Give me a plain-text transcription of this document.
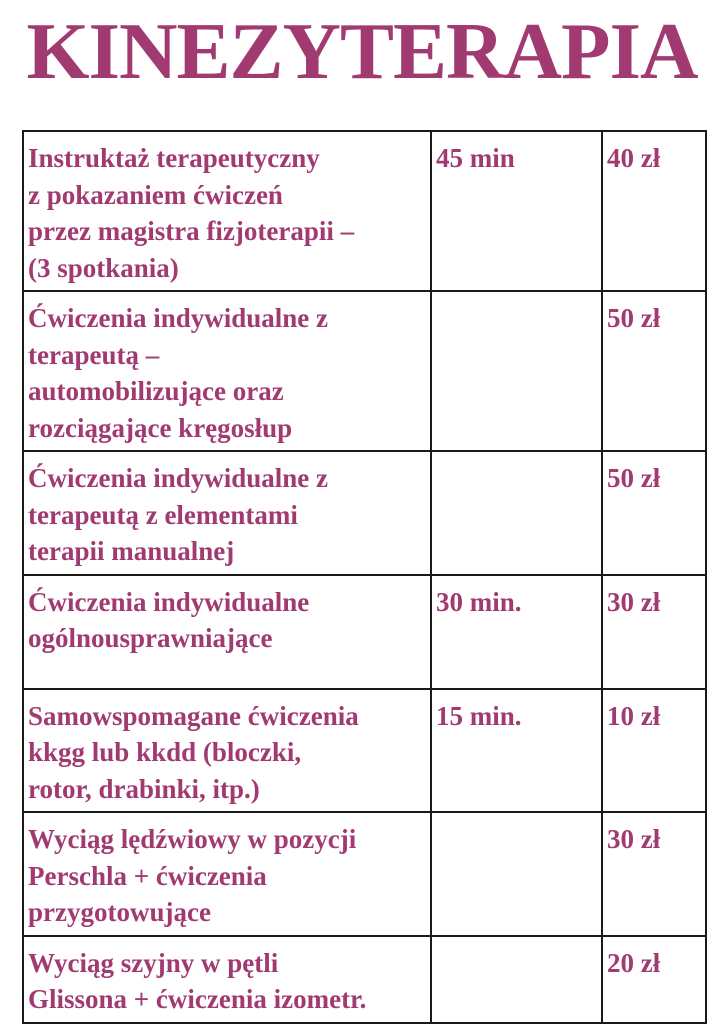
KINEZYTERAPIA
Instruktaż terapeutyczny
z pokazaniem ćwiczeń
przez magistra fizjoterapii –
(3 spotkania)	45 min	40 zł
Ćwiczenia indywidualne z
terapeutą –
automobilizujące oraz
rozciągające kręgosłup		50 zł
Ćwiczenia indywidualne z
terapeutą z elementami
terapii manualnej		50 zł
Ćwiczenia indywidualne
ogólnousprawniające	30 min.	30 zł
Samowspomagane ćwiczenia
kkgg lub kkdd (bloczki,
rotor, drabinki, itp.)	15 min.	10 zł
Wyciąg lędźwiowy w pozycji
Perschla + ćwiczenia
przygotowujące		30 zł
Wyciąg szyjny w pętli
Glissona + ćwiczenia izometr.		20 zł
